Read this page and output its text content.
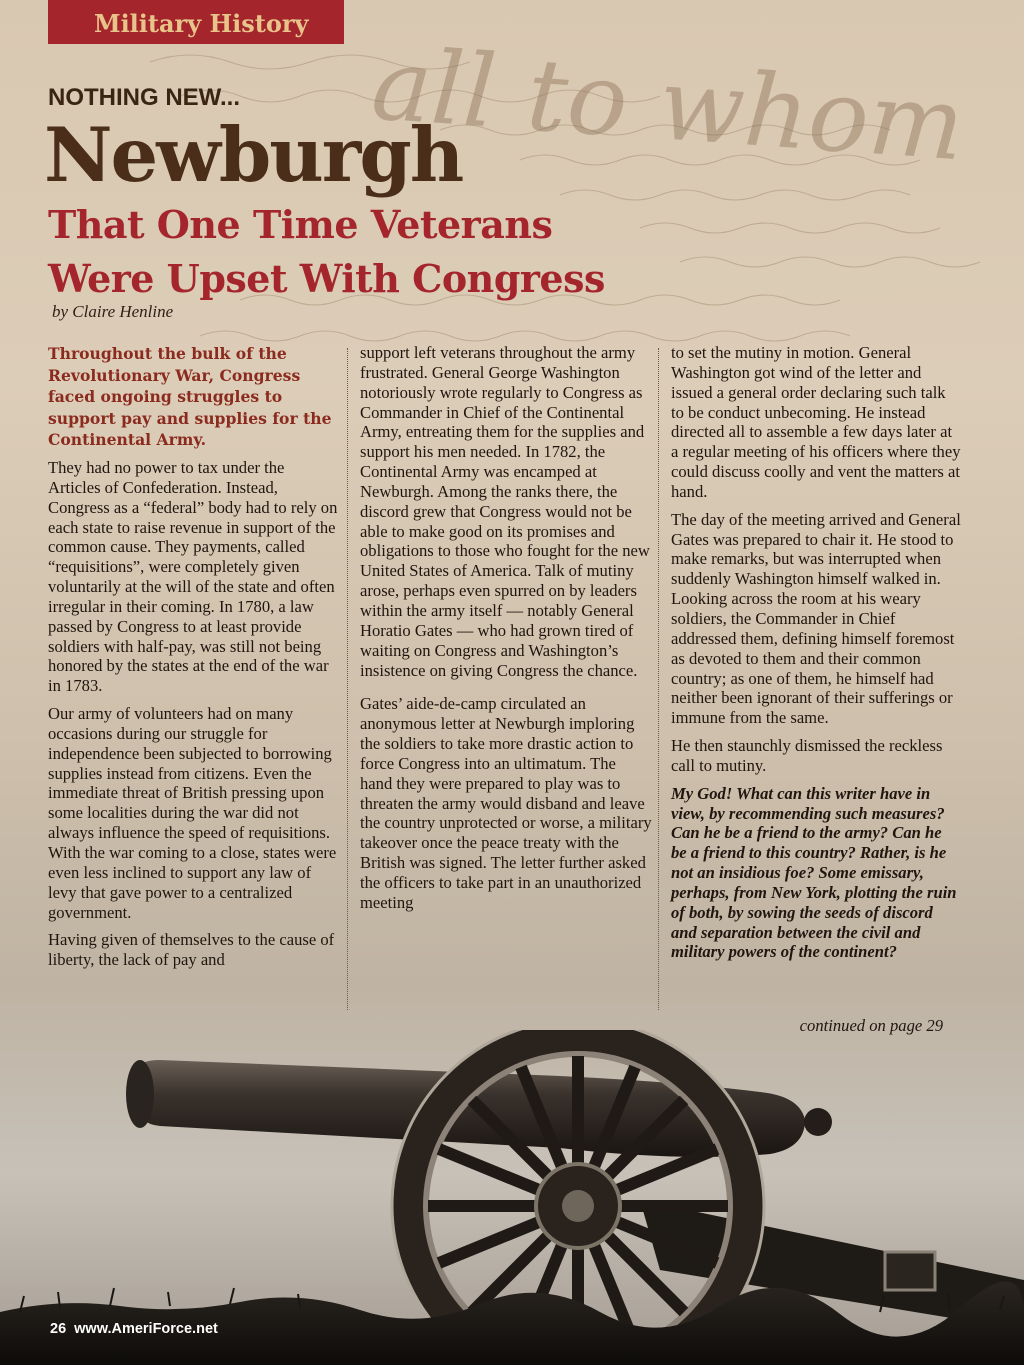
all to whom
Military History
NOTHING NEW...
Newburgh
That One Time Veterans
Were Upset With Congress
by Claire Henline

Throughout the bulk of the Revolutionary War, Congress faced ongoing struggles to support pay and supplies for the Continental Army.

They had no power to tax under the Articles of Confederation. Instead, Congress as a “federal” body had to rely on each state to raise revenue in support of the common cause. They payments, called “requisitions”, were completely given voluntarily at the will of the state and often irregular in their coming. In 1780, a law passed by Congress to at least provide soldiers with half-pay, was still not being honored by the states at the end of the war in 1783.

Our army of volunteers had on many occasions during our struggle for independence been subjected to borrowing supplies instead from citizens. Even the immediate threat of British pressing upon some localities during the war did not always influence the speed of requisitions. With the war coming to a close, states were even less inclined to support any law of levy that gave power to a centralized government.

Having given of themselves to the cause of liberty, the lack of pay and

support left veterans throughout the army frustrated. General George Washington notoriously wrote regularly to Congress as Commander in Chief of the Continental Army, entreating them for the supplies and support his men needed. In 1782, the Continental Army was encamped at Newburgh. Among the ranks there, the discord grew that Congress would not be able to make good on its promises and obligations to those who fought for the new United States of America. Talk of mutiny arose, perhaps even spurred on by leaders within the army itself — notably General Horatio Gates — who had grown tired of waiting on Congress and Washington’s insistence on giving Congress the chance.

Gates’ aide-de-camp circulated an anonymous letter at Newburgh imploring the soldiers to take more drastic action to force Congress into an ultimatum. The hand they were prepared to play was to threaten the army would disband and leave the country unprotected or worse, a military takeover once the peace treaty with the British was signed. The letter further asked the officers to take part in an unauthorized meeting

to set the mutiny in motion. General Washington got wind of the letter and issued a general order declaring such talk to be conduct unbecoming. He instead directed all to assemble a few days later at a regular meeting of his officers where they could discuss coolly and vent the matters at hand.

The day of the meeting arrived and General Gates was prepared to chair it. He stood to make remarks, but was interrupted when suddenly Washington himself walked in. Looking across the room at his weary soldiers, the Commander in Chief addressed them, defining himself foremost as devoted to them and their common country; as one of them, he himself had neither been ignorant of their sufferings or immune from the same.

He then staunchly dismissed the reckless call to mutiny.

My God! What can this writer have in view, by recommending such measures? Can he be a friend to the army? Can he be a friend to this country? Rather, is he not an insidious foe? Some emissary, perhaps, from New York, plotting the ruin of both, by sowing the seeds of discord and separation between the civil and military powers of the continent?

continued on page 29
26 www.AmeriForce.net
